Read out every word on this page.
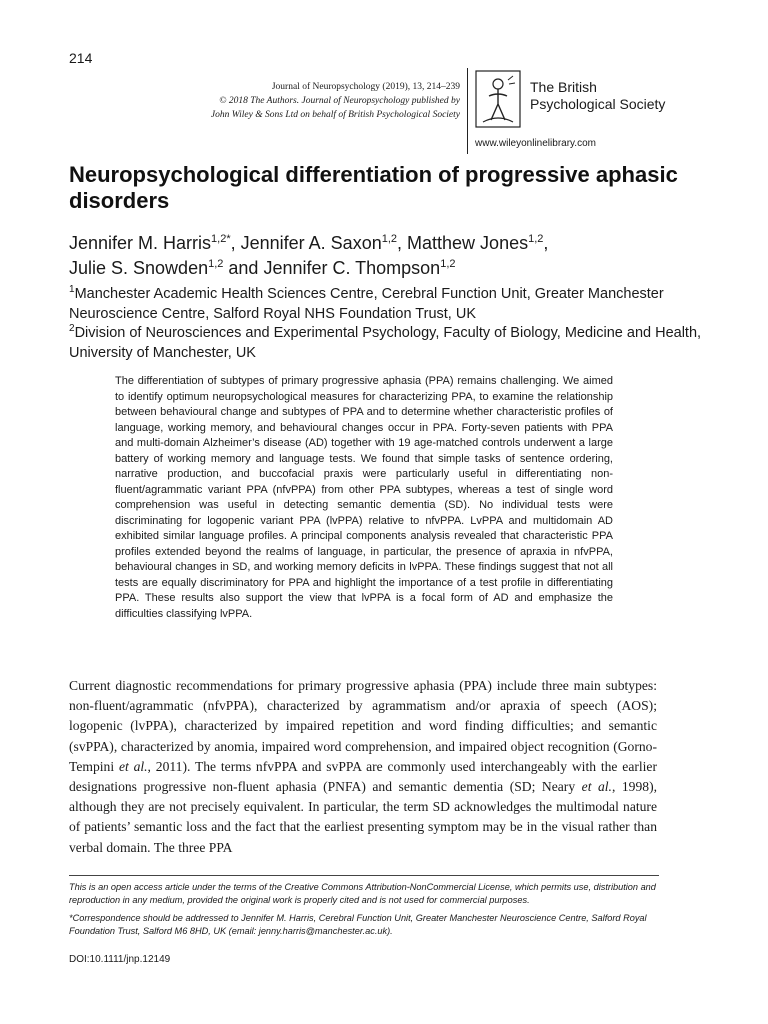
214
Journal of Neuropsychology (2019), 13, 214–239
© 2018 The Authors. Journal of Neuropsychology published by
John Wiley & Sons Ltd on behalf of British Psychological Society
The British
Psychological Society
www.wileyonlinelibrary.com
Neuropsychological differentiation of progressive aphasic disorders

Jennifer M. Harris$^{1,2*}$, Jennifer A. Saxon$^{1,2}$, Matthew Jones$^{1,2}$,
Julie S. Snowden$^{1,2}$ and Jennifer C. Thompson$^{1,2}$

$^1$Manchester Academic Health Sciences Centre, Cerebral Function Unit, Greater Manchester Neuroscience Centre, Salford Royal NHS Foundation Trust, UK

$^2$Division of Neurosciences and Experimental Psychology, Faculty of Biology, Medicine and Health, University of Manchester, UK

The differentiation of subtypes of primary progressive aphasia (PPA) remains challenging. We aimed to identify optimum neuropsychological measures for characterizing PPA, to examine the relationship between behavioural change and subtypes of PPA and to determine whether characteristic profiles of language, working memory, and behavioural changes occur in PPA. Forty-seven patients with PPA and multi-domain Alzheimer’s disease (AD) together with 19 age-matched controls underwent a large battery of working memory and language tests. We found that simple tasks of sentence ordering, narrative production, and buccofacial praxis were particularly useful in differentiating non-fluent/agrammatic variant PPA (nfvPPA) from other PPA subtypes, whereas a test of single word comprehension was useful in detecting semantic dementia (SD). No individual tests were discriminating for logopenic variant PPA (lvPPA) relative to nfvPPA. LvPPA and multidomain AD exhibited similar language profiles. A principal components analysis revealed that characteristic PPA profiles extended beyond the realms of language, in particular, the presence of apraxia in nfvPPA, behavioural changes in SD, and working memory deficits in lvPPA. These findings suggest that not all tests are equally discriminatory for PPA and highlight the importance of a test profile in differentiating PPA. These results also support the view that lvPPA is a focal form of AD and emphasize the difficulties classifying lvPPA.

Current diagnostic recommendations for primary progressive aphasia (PPA) include three main subtypes: non-fluent/agrammatic (nfvPPA), characterized by agrammatism and/or apraxia of speech (AOS); logopenic (lvPPA), characterized by impaired repetition and word finding difficulties; and semantic (svPPA), characterized by anomia, impaired word comprehension, and impaired object recognition (Gorno-Tempini et al., 2011). The terms nfvPPA and svPPA are commonly used interchangeably with the earlier designations progressive non-fluent aphasia (PNFA) and semantic dementia (SD; Neary et al., 1998), although they are not precisely equivalent. In particular, the term SD acknowledges the multimodal nature of patients’ semantic loss and the fact that the earliest presenting symptom may be in the visual rather than verbal domain. The three PPA

This is an open access article under the terms of the Creative Commons Attribution-NonCommercial License, which permits use, distribution and reproduction in any medium, provided the original work is properly cited and is not used for commercial purposes.

*Correspondence should be addressed to Jennifer M. Harris, Cerebral Function Unit, Greater Manchester Neuroscience Centre, Salford Royal Foundation Trust, Salford M6 8HD, UK (email: jenny.harris@manchester.ac.uk).

DOI:10.1111/jnp.12149
